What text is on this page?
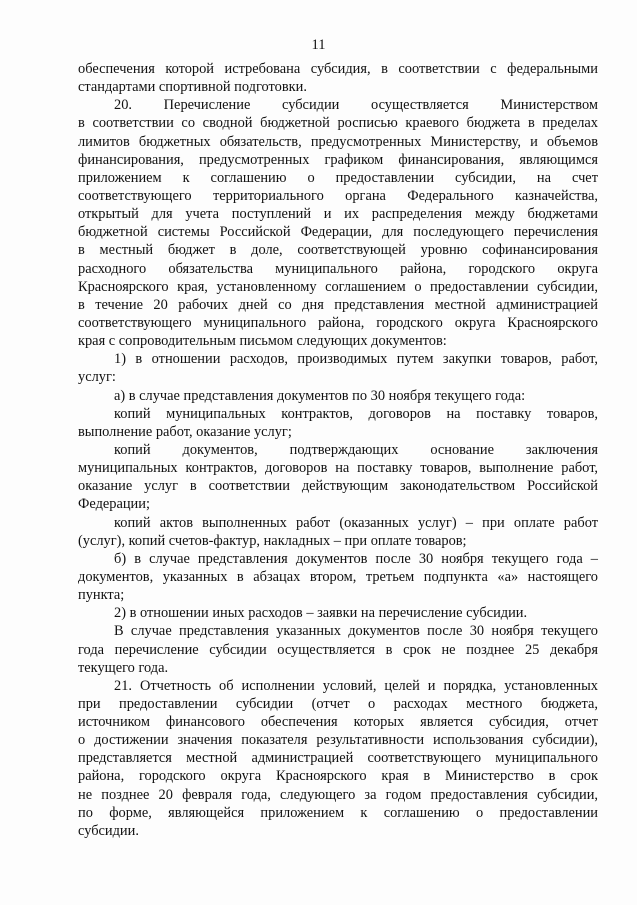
11
обеспечения которой истребована субсидия, в соответствии с федеральными
стандартами спортивной подготовки.
20. Перечисление субсидии осуществляется Министерством
в соответствии со сводной бюджетной росписью краевого бюджета в пределах
лимитов бюджетных обязательств, предусмотренных Министерству, и объемов
финансирования, предусмотренных графиком финансирования, являющимся
приложением к соглашению о предоставлении субсидии, на счет
соответствующего территориального органа Федерального казначейства,
открытый для учета поступлений и их распределения между бюджетами
бюджетной системы Российской Федерации, для последующего перечисления
в местный бюджет в доле, соответствующей уровню софинансирования
расходного обязательства муниципального района, городского округа
Красноярского края, установленному соглашением о предоставлении субсидии,
в течение 20 рабочих дней со дня представления местной администрацией
соответствующего муниципального района, городского округа Красноярского
края с сопроводительным письмом следующих документов:
1) в отношении расходов, производимых путем закупки товаров, работ,
услуг:
а) в случае представления документов по 30 ноября текущего года:
копий муниципальных контрактов, договоров на поставку товаров,
выполнение работ, оказание услуг;
копий документов, подтверждающих основание заключения
муниципальных контрактов, договоров на поставку товаров, выполнение работ,
оказание услуг в соответствии действующим законодательством Российской
Федерации;
копий актов выполненных работ (оказанных услуг) – при оплате работ
(услуг), копий счетов-фактур, накладных – при оплате товаров;
б) в случае представления документов после 30 ноября текущего года –
документов, указанных в абзацах втором, третьем подпункта «а» настоящего
пункта;
2) в отношении иных расходов – заявки на перечисление субсидии.
В случае представления указанных документов после 30 ноября текущего
года перечисление субсидии осуществляется в срок не позднее 25 декабря
текущего года.
21. Отчетность об исполнении условий, целей и порядка, установленных
при предоставлении субсидии (отчет о расходах местного бюджета,
источником финансового обеспечения которых является субсидия, отчет
о достижении значения показателя результативности использования субсидии),
представляется местной администрацией соответствующего муниципального
района, городского округа Красноярского края в Министерство в срок
не позднее 20 февраля года, следующего за годом предоставления субсидии,
по форме, являющейся приложением к соглашению о предоставлении
субсидии.
